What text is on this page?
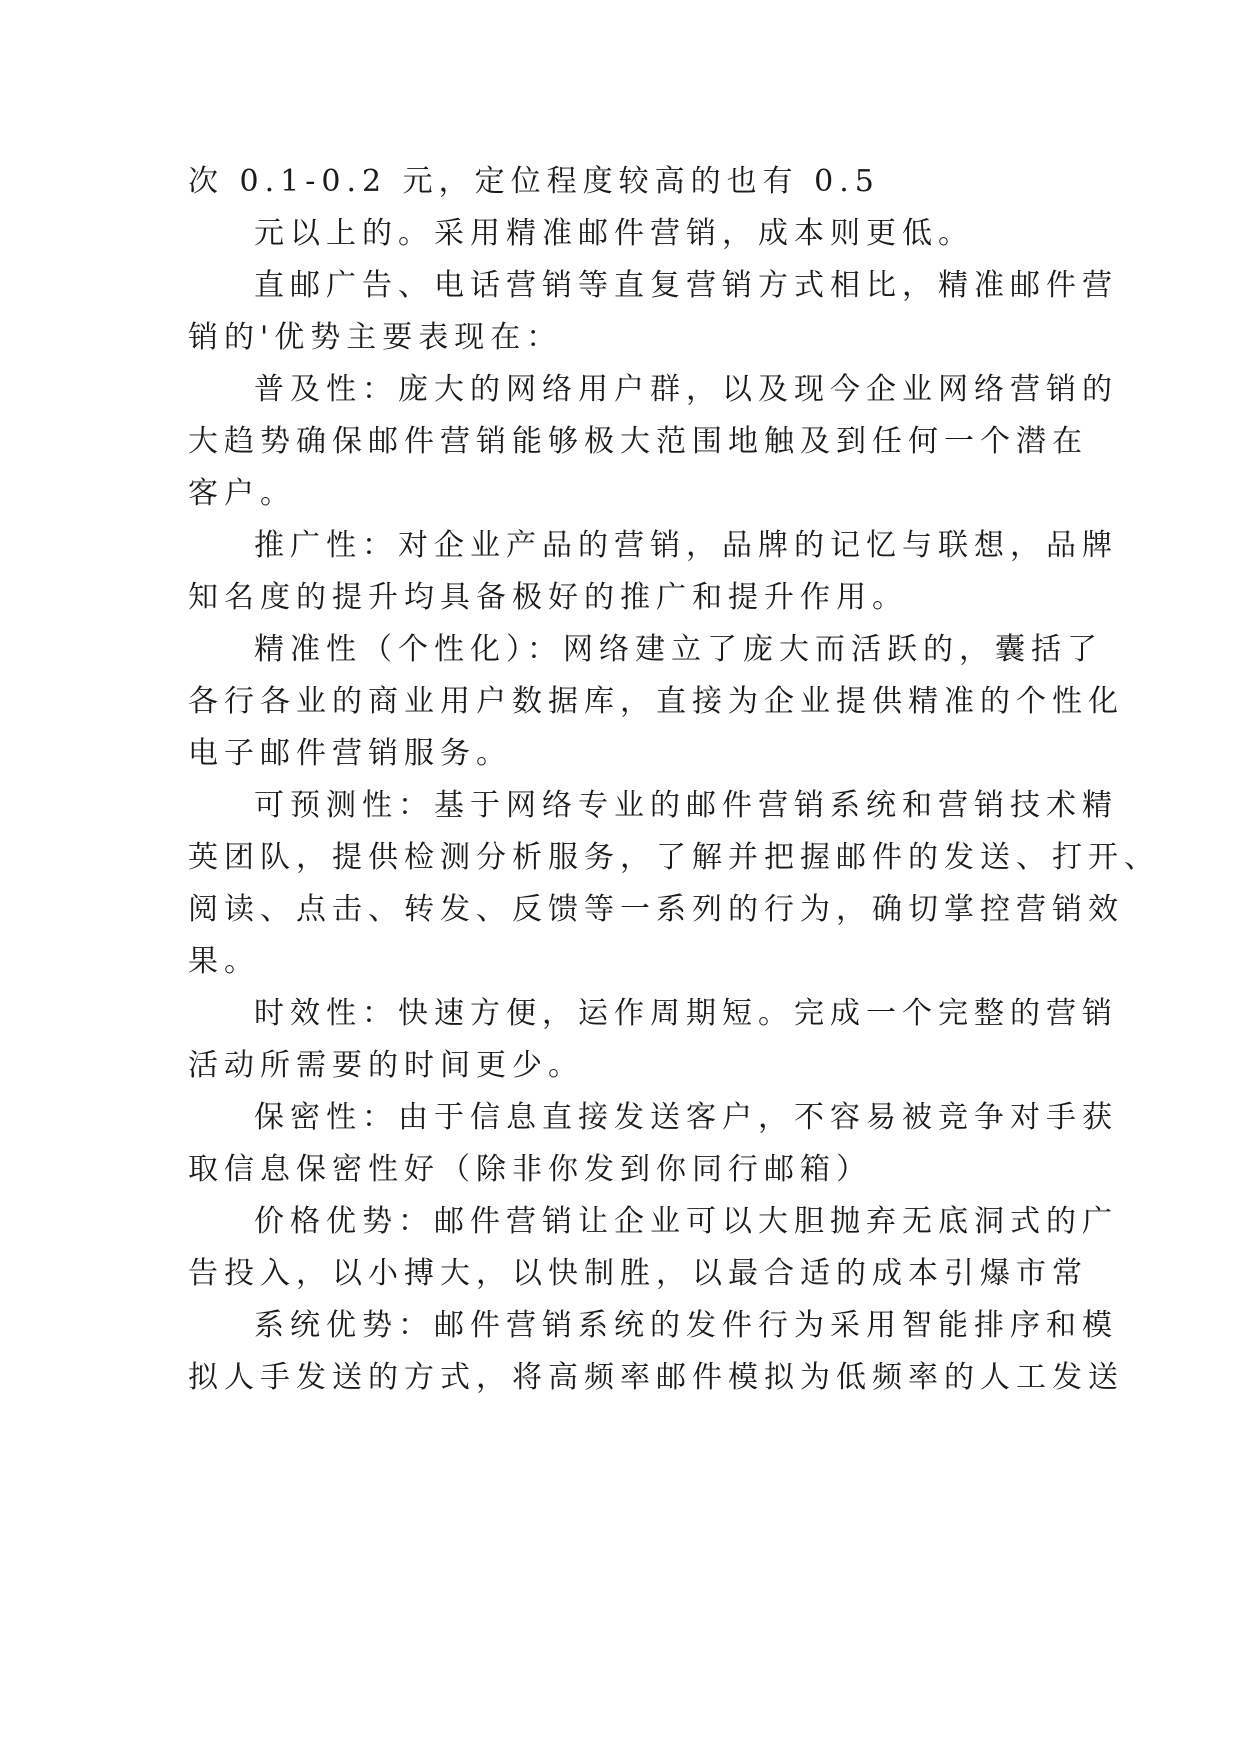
次 0.1-0.2 元，定位程度较高的也有 0.5
元以上的。采用精准邮件营销，成本则更低。
直邮广告、电话营销等直复营销方式相比，精准邮件营
销的'优势主要表现在：
普及性：庞大的网络用户群，以及现今企业网络营销的
大趋势确保邮件营销能够极大范围地触及到任何一个潜在
客户。
推广性：对企业产品的营销，品牌的记忆与联想，品牌
知名度的提升均具备极好的推广和提升作用。
精准性（个性化）：网络建立了庞大而活跃的，囊括了
各行各业的商业用户数据库，直接为企业提供精准的个性化
电子邮件营销服务。
可预测性：基于网络专业的邮件营销系统和营销技术精
英团队，提供检测分析服务，了解并把握邮件的发送、打开、
阅读、点击、转发、反馈等一系列的行为，确切掌控营销效
果。
时效性：快速方便，运作周期短。完成一个完整的营销
活动所需要的时间更少。
保密性：由于信息直接发送客户，不容易被竞争对手获
取信息保密性好（除非你发到你同行邮箱）
价格优势：邮件营销让企业可以大胆抛弃无底洞式的广
告投入，以小搏大，以快制胜，以最合适的成本引爆市常
系统优势：邮件营销系统的发件行为采用智能排序和模
拟人手发送的方式，将高频率邮件模拟为低频率的人工发送
